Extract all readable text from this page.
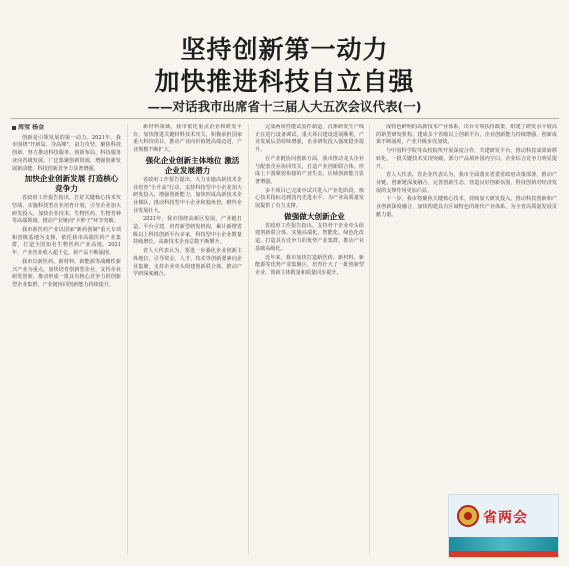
坚持创新第一动力
加快推进科技自立自强
——对话我市出席省十三届人大五次会议代表(一)
周莹 杨金

创新是引领发展的第一动力。2021年，我市围绕"开新局、夺高峰"，奋力攻坚，聚焦科技创新，努力推动科技服务、创新布局、科技服务业向省级发展。广泛集聚创新资源，增强创新发展新动能，科技创新竞争力显著增强。

加快企业创新发展 打造核心竞争力

省政府工作报告指出，打好关键核心技术攻坚战，实施科技型企业培育计划，引导企业加大研发投入，加快企业技术、生物医药、生物育种等高端领域，推动产业链向"卡脖子"环节突破。

我市新医药产业以国家"新药创制"重大专项和省级基地为支撑，依托我市高端医药产业集群，打造全国知名生物医药产业高地。2021年，产业营业收入超千亿，新产品不断涌现。

我市以新医药、新材料、新能源等战略性新兴产业为重点，加快培育创新型企业，支持企业研发创新，推动形成一批具有核心竞争力的创新型企业集群，产业链协同创新能力持续提升。

新材料领域，我市依托重点企业和研发平台，加快推进关键材料技术攻关，积极承担国家重大科技项目，推动产业向价值链高端迈进，产业规模不断扩大。

强化企业创新主体地位 激活企业发展潜力

省政府工作报告提出，大力实施高新技术企业培育"小升高"行动，支持科技型中小企业加大研发投入，增强创新能力，加快形成高新技术企业梯队，推动科技型中小企业和独角兽、瞪羚企业发展壮大。

2021年，我市围绕高新区发展，产业链打造，平台引建，培育新型研发机构，累计新增省级以上科技创新平台多家，科技型中小企业数量持续增长，高新技术企业总数不断攀升。

省人大代表认为，要进一步强化企业创新主体地位，引导资金、人才、技术等创新要素向企业集聚，支持企业牵头组建创新联合体，推动产学研深度融合。

完成两项性能试验件制造，首条研发生产线正在进行设备调试，重大项目建设进展顺利，产业发展后劲持续增强，企业研发投入强度稳步提升。

在产业链协同创新方面，我市推动龙头企业与配套企业协同攻关，打造产业创新联合体，形成上下游紧密衔接的产业生态，区域创新能力显著增强。

多个项目已完成中试并进入产业化阶段，核心技术指标达到国内先进水平，为产业高质量发展提供了有力支撑。

做强做大创新企业

省政府工作报告指出，支持骨干企业牵头组建创新联合体，实施高端化、智能化、绿色化改造，打造具有竞争力的优势产业集群，推动产业基础高级化。

近年来，我市加快打造新医药、新材料、新能源等优势产业集聚区，培育壮大了一批创新型企业，创新主体数量和质量同步提升。

成特色鲜明的高新技术产业体系，出台专项扶持政策，组建了研发水平较高的新型研发机构，建成多个省级以上创新平台，企业创新能力持续增强，创新成果不断涌现，产业升级步伐加快。

与中国科学院等高校院所开展深度合作，共建研发平台，推动科技成果转移转化，一批关键技术实现突破，部分产品填补国内空白，企业综合竞争力明显提升。

省人大代表、省企业代表认为，我市全面落实省委省政府决策部署，推动产业链、创新链深度融合，完善创新生态，营造良好创新氛围，科技创新对经济发展的支撑作用更加凸显。

下一步，我市将聚焦关键核心技术，持续加大研发投入，推动科技创新和产业创新深度融合，加快构建具有区域特色的现代产业体系，为全省高质量发展贡献力量。

省两会
